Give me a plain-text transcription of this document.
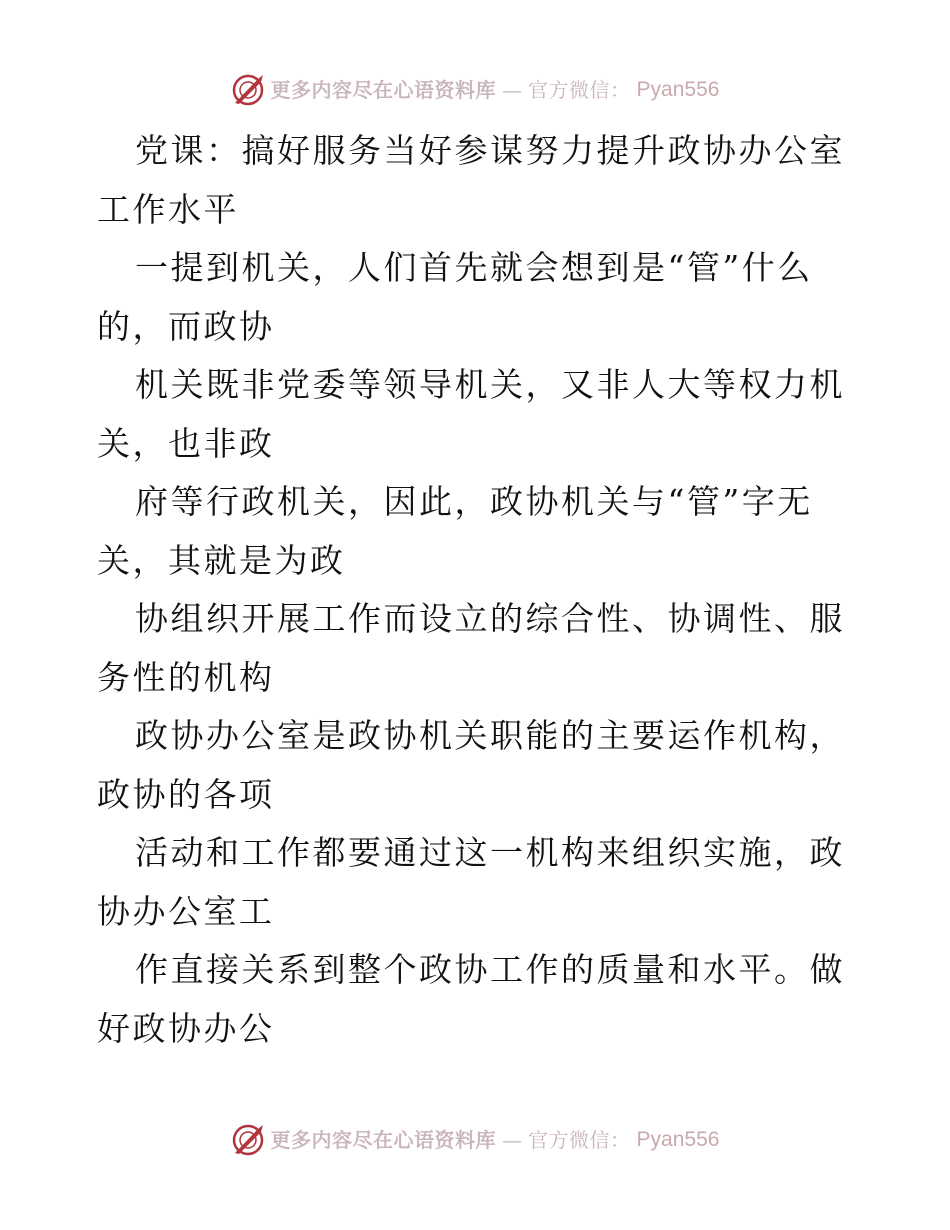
更多内容尽在心语资料库 — 官方微信： Pyan556

党课：搞好服务当好参谋努力提升政协办公室工作水平

一提到机关，人们首先就会想到是“管”什么的，而政协

机关既非党委等领导机关，又非人大等权力机关，也非政

府等行政机关，因此，政协机关与“管”字无关，其就是为政

协组织开展工作而设立的综合性、协调性、服务性的机构

政协办公室是政协机关职能的主要运作机构，政协的各项

活动和工作都要通过这一机构来组织实施，政协办公室工

作直接关系到整个政协工作的质量和水平。做好政协办公

更多内容尽在心语资料库 — 官方微信： Pyan556
